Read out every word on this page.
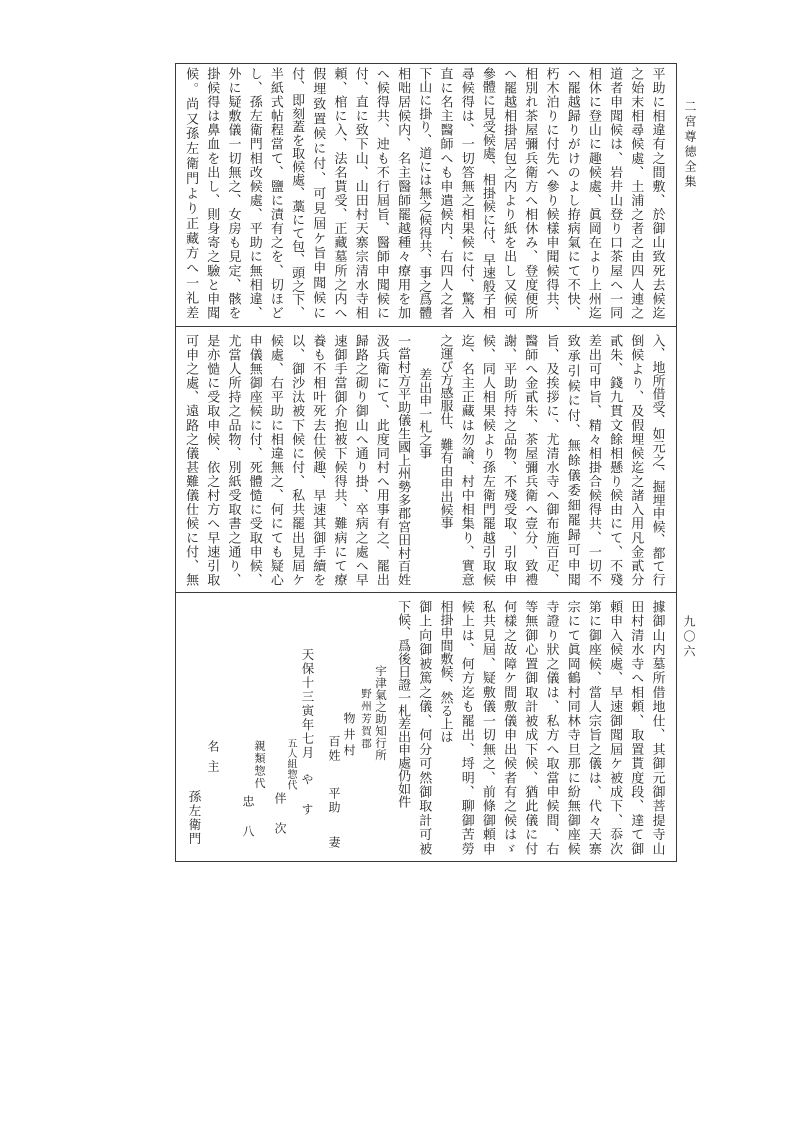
二宮尊徳全集
九〇六
平助に相違有之間敷、於御山致死去候迄
之始末相尋候處、土浦之者之由四人連之
道者申聞候は、岩井山登り口茶屋へ一同
相休に登山に趣候處、眞岡在より上州迄
へ罷越歸りがけのよし拵病氣にて不快、
朽木泊りに付先へ參り候樣申聞候得共、
相別れ茶屋彌兵衛方へ相休み、登度便所
へ罷越相掛居包之内より紙を出し又候可
參體に見受候處、相掛候に付、早速般子相
尋候得は、一切答無之相果候に付、驚入
直に名主醫師へも申遣候内、右四人之者
下山に掛り、道には無之候得共、事之爲體
相咄居候内、名主醫師罷越種々療用を加
へ候得共、迚も不行屆旨、醫師申聞候に
付、直に致下山、山田村天寨宗清水寺相
頼、棺に入、法名貰受、正藏墓所之内へ
假埋致置候に付、可見屆ケ旨申聞候に
付、即刻蓋を取候處、藁にて包、頭之下、
半紙式帖程當て、鹽に漬有之を、切ほど
し、孫左衛門相改候處、平助に無相違、
外に疑敷儀一切無之、女房も見定、骸を
掛候得は鼻血を出し、則身寄之驗と申聞
候。尚又孫左衛門より正藏方へ一礼差
入、地所借受、如元之、掘埋申候、都て行
倒候より、及假埋候迄之諸入用凡金貳分
貳朱、錢九貫文餘相懸り候由にて、不殘
差出可申旨、精々相掛合候得共、一切不
致承引候に付、無餘儀委細罷歸可申聞
旨、及挨拶に、尤清水寺へ御布施百疋、
醫師へ金貳朱、茶屋彌兵衛へ壹分、致禮
謝、平助所持之品物、不殘受取、引取申
候、同人相果候より孫左衛門罷越引取候
迄、名主正藏は勿論、村中相集り、實意
之運び方感服仕、難有由申出候事
差出申一札之事
一當村方平助儀生國上州勢多郡宮田村百姓
汲兵衛にて、此度同村へ用事有之、罷出
歸路之砌り御山へ通り掛、卒病之處へ早
速御手當御介抱被下候得共、難病にて療
養も不相叶死去仕候趣、早速其御手續を
以、御沙汰被下候に付、私共罷出見屆ケ
候處、右平助に相違無之、何にても疑心
申儀無御座候に付、死體慥に受取申候、
尤當人所持之品物、別紙受取書之通り、
是亦慥に受取申候、依之村方へ早速引取
可申之處、遠路之儀甚難儀仕候に付、無
宇津氣之助知行所
野州芳賀郡
物井村
百姓
平助
妻
天保十三寅年七月
やす
五人組惣代
伴次
親類惣代
忠八
名主
孫左衛門	據御山内墓所借地仕、其御元御菩提寺山
田村清水寺へ相頼、取置貰度段、達て御
頼申入候處、早速御聞屆ケ被成下、忝次
第に御座候、當人宗旨之儀は、代々天寨
宗にて眞岡鶴村同林寺旦那に紛無御座候
寺證り狀之儀は、私方へ取當申候間、右
等無御心置御取計被成下候、猶此儀に付
何樣之故障ケ間敷儀申出候者有之候はゞ
私共見屆、疑敷儀一切無之、前條御頼申
候上は、何方迄も罷出、埒明、聊御苦勞
相掛申間敷候、然る上は
御上向御被篤之儀、何分可然御取計可被
下候、爲後日證一札差出申處仍如件
